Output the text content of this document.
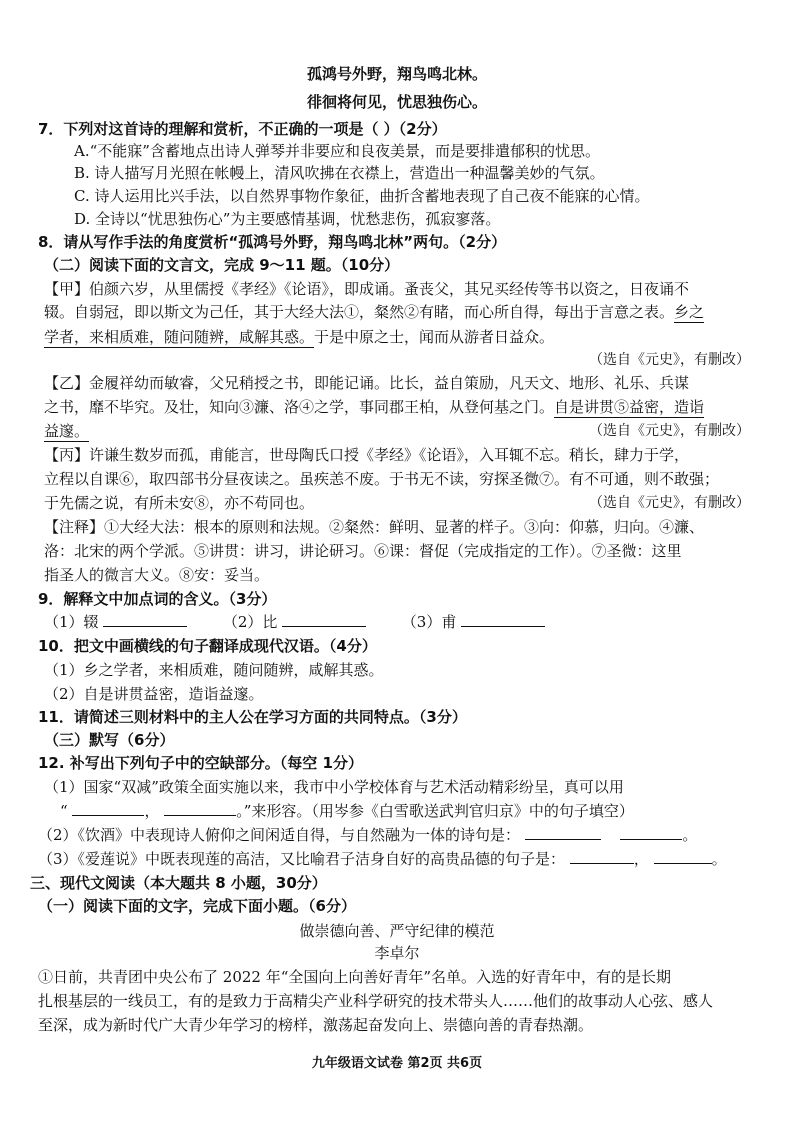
孤鸿号外野，翔鸟鸣北林。
徘徊将何见，忧思独伤心。
7．下列对这首诗的理解和赏析，不正确的一项是（ ）（2分）
A.“不能寐”含蓄地点出诗人弹琴并非要应和良夜美景，而是要排遣郁积的忧思。
B. 诗人描写月光照在帐幔上，清风吹拂在衣襟上，营造出一种温馨美妙的气氛。
C. 诗人运用比兴手法，以自然界事物作象征，曲折含蓄地表现了自己夜不能寐的心情。
D. 全诗以“忧思独伤心”为主要感情基调，忧愁悲伤，孤寂寥落。
8．请从写作手法的角度赏析“孤鸿号外野，翔鸟鸣北林”两句。（2分）
（二）阅读下面的文言文，完成 9～11 题。（10分）
【甲】伯颜六岁，从里儒授《孝经》《论语》，即成诵。蚤丧父，其兄买经传等书以资之，日夜诵不
辍。自弱冠，即以斯文为己任，其于大经大法①，粲然②有睹，而心所自得，每出于言意之表。乡之
学者，来相质难，随问随辨，咸解其惑。于是中原之士，闻而从游者日益众。
（选自《元史》，有删改）
【乙】金履祥幼而敏睿，父兄稍授之书，即能记诵。比长，益自策励，凡天文、地形、礼乐、兵谋
之书，靡不毕究。及壮，知向③濂、洛④之学，事同郡王柏，从登何基之门。自是讲贯⑤益密，造诣
益邃。	（选自《元史》，有删改）
【丙】许谦生数岁而孤，甫能言，世母陶氏口授《孝经》《论语》，入耳辄不忘。稍长，肆力于学，
立程以自课⑥，取四部书分昼夜读之。虽疾恙不废。于书无不读，穷探圣微⑦。有不可通，则不敢强；
于先儒之说，有所未安⑧，亦不苟同也。	（选自《元史》，有删改）
【注释】①大经大法：根本的原则和法规。②粲然：鲜明、显著的样子。③向：仰慕，归向。④濂、
洛：北宋的两个学派。⑤讲贯：讲习，讲论研习。⑥课：督促（完成指定的工作）。⑦圣微：这里
指圣人的微言大义。⑧安：妥当。
9．解释文中加点词的含义。（3分）
（1）辍	（2）比	（3）甫
10．把文中画横线的句子翻译成现代汉语。（4分）
（1）乡之学者，来相质难，随问随辨，咸解其惑。
（2）自是讲贯益密，造诣益邃。
11．请简述三则材料中的主人公在学习方面的共同特点。（3分）
（三）默写（6分）
12. 补写出下列句子中的空缺部分。（每空 1分）
（1）国家“双减”政策全面实施以来，我市中小学校体育与艺术活动精彩纷呈，真可以用
“	，	。”来形容。（用岑参《白雪歌送武判官归京》中的句子填空）
（2）《饮酒》中表现诗人俯仰之间闲适自得，与自然融为一体的诗句是：	。
（3）《爱莲说》中既表现莲的高洁，又比喻君子洁身自好的高贵品德的句子是：	，	。
三、现代文阅读（本大题共 8 小题，30分）
（一）阅读下面的文字，完成下面小题。（6分）
做崇德向善、严守纪律的模范
李卓尔
①日前，共青团中央公布了 2022 年“全国向上向善好青年”名单。入选的好青年中，有的是长期
扎根基层的一线员工，有的是致力于高精尖产业科学研究的技术带头人……他们的故事动人心弦、感人
至深，成为新时代广大青少年学习的榜样，激荡起奋发向上、崇德向善的青春热潮。
九年级语文试卷 第2页 共6页
